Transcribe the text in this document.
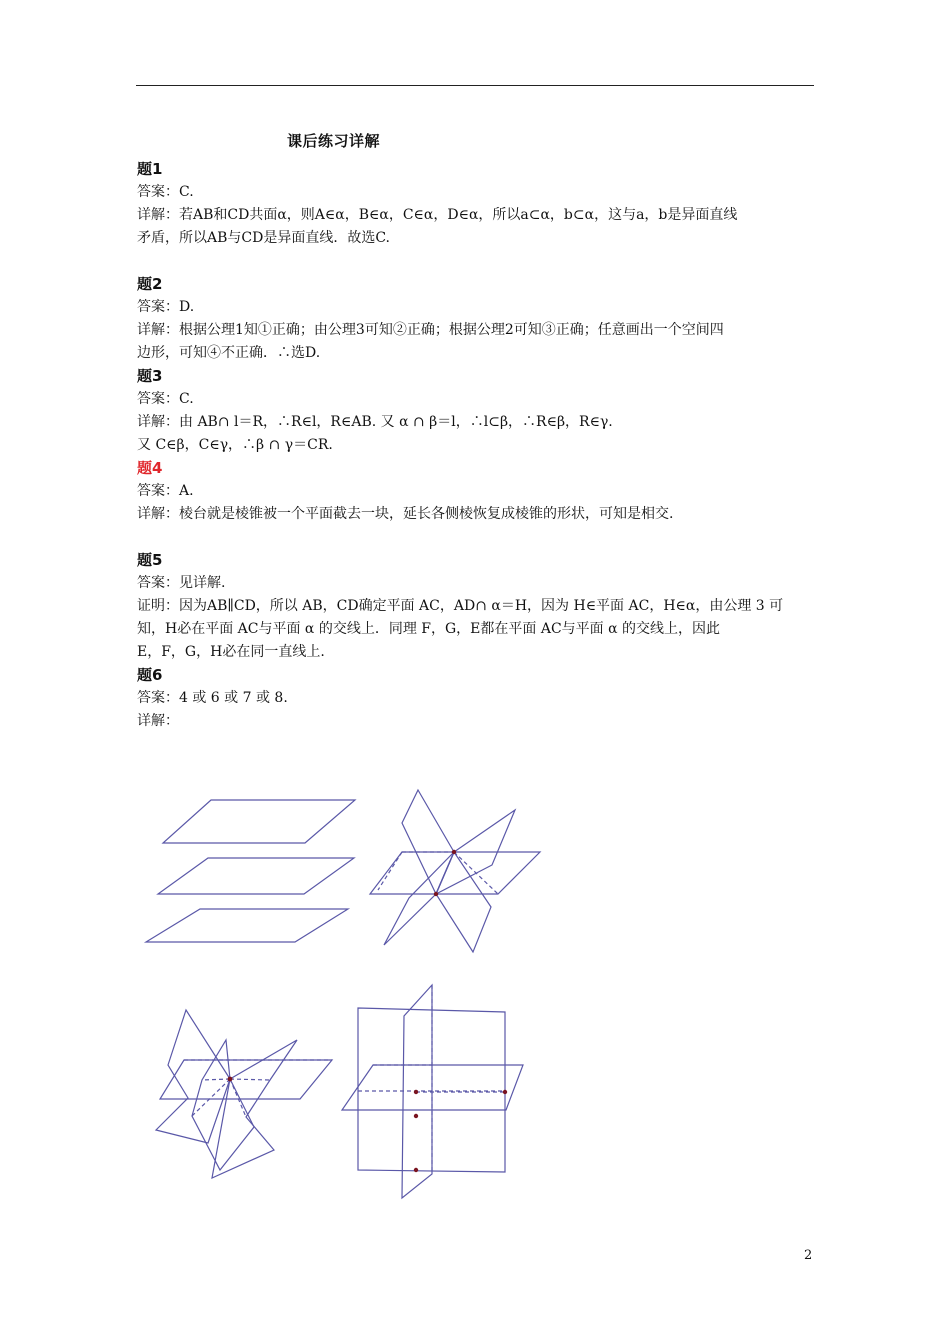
课后练习详解
题1
答案：C.
详解：若AB和CD共面α，则A∈α，B∈α，C∈α，D∈α，所以a⊂α，b⊂α，这与a，b是异面直线
矛盾，所以AB与CD是异面直线．故选C.
题2
答案：D.
详解：根据公理1知①正确；由公理3可知②正确；根据公理2可知③正确；任意画出一个空间四
边形，可知④不正确．∴选D.
题3
答案：C.
详解：由 AB∩ l＝R，∴R∈l，R∈AB. 又 α ∩ β＝l，∴l⊂β，∴R∈β，R∈γ.
又 C∈β，C∈γ，∴β ∩ γ＝CR.
题4
答案：A.
详解：棱台就是棱锥被一个平面截去一块，延长各侧棱恢复成棱锥的形状，可知是相交.
题5
答案：见详解.
证明：因为AB∥CD，所以 AB，CD确定平面 AC，AD∩ α＝H，因为 H∈平面 AC，H∈α，由公理 3 可
知，H必在平面 AC与平面 α 的交线上．同理 F，G，E都在平面 AC与平面 α 的交线上，因此
E，F，G，H必在同一直线上.
题6
答案：4 或 6 或 7 或 8.
详解：
2
